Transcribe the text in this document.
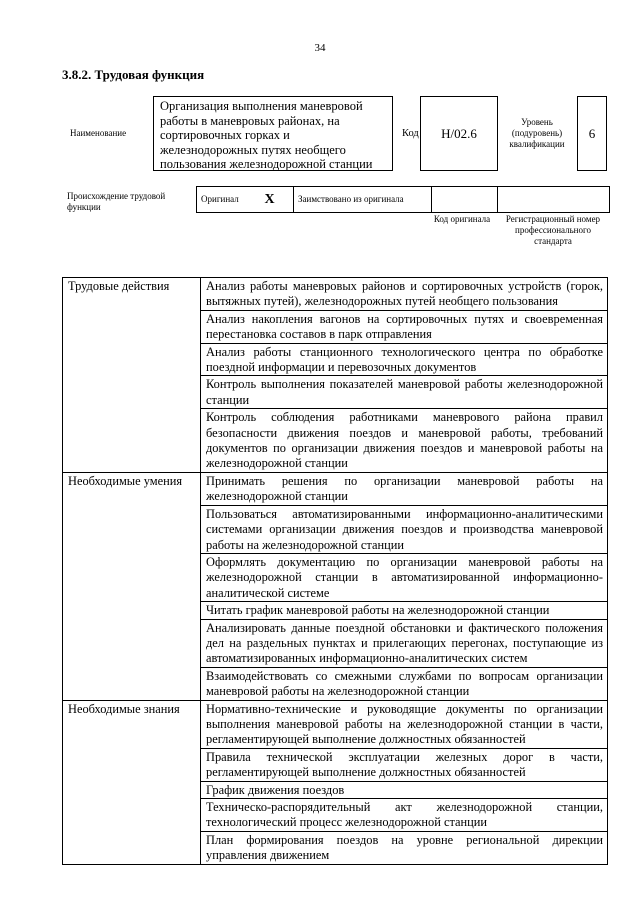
34
3.8.2. Трудовая функция
Наименование
Организация выполнения маневровой работы в маневровых районах, на сортировочных горках и железнодорожных путях необщего пользования железнодорожной станции
Код	Н/02.6
Уровень (подуровень) квалификации
6
Происхождение трудовой функции
Оригинал	X	Заимствовано из оригинала		
Код оригинала	Регистрационный номер профессионального стандарта
Трудовые действия	Анализ работы маневровых районов и сортировочных устройств (горок, вытяжных путей), железнодорожных путей необщего пользования
	Анализ накопления вагонов на сортировочных путях и своевременная перестановка составов в парк отправления
	Анализ работы станционного технологического центра по обработке поездной информации и перевозочных документов
	Контроль выполнения показателей маневровой работы железнодорожной станции
	Контроль соблюдения работниками маневрового района правил безопасности движения поездов и маневровой работы, требований документов по организации движения поездов и маневровой работы на железнодорожной станции
Необходимые умения	Принимать решения по организации маневровой работы на железнодорожной станции
	Пользоваться автоматизированными информационно-аналитическими системами организации движения поездов и производства маневровой работы на железнодорожной станции
	Оформлять документацию по организации маневровой работы на железнодорожной станции в автоматизированной информационно-аналитической системе
	Читать график маневровой работы на железнодорожной станции
	Анализировать данные поездной обстановки и фактического положения дел на раздельных пунктах и прилегающих перегонах, поступающие из автоматизированных информационно-аналитических систем
	Взаимодействовать со смежными службами по вопросам организации маневровой работы на железнодорожной станции
Необходимые знания	Нормативно-технические и руководящие документы по организации выполнения маневровой работы на железнодорожной станции в части, регламентирующей выполнение должностных обязанностей
	Правила технической эксплуатации железных дорог в части, регламентирующей выполнение должностных обязанностей
	График движения поездов
	Техническо-распорядительный акт железнодорожной станции, технологический процесс железнодорожной станции
	План формирования поездов на уровне региональной дирекции управления движением
